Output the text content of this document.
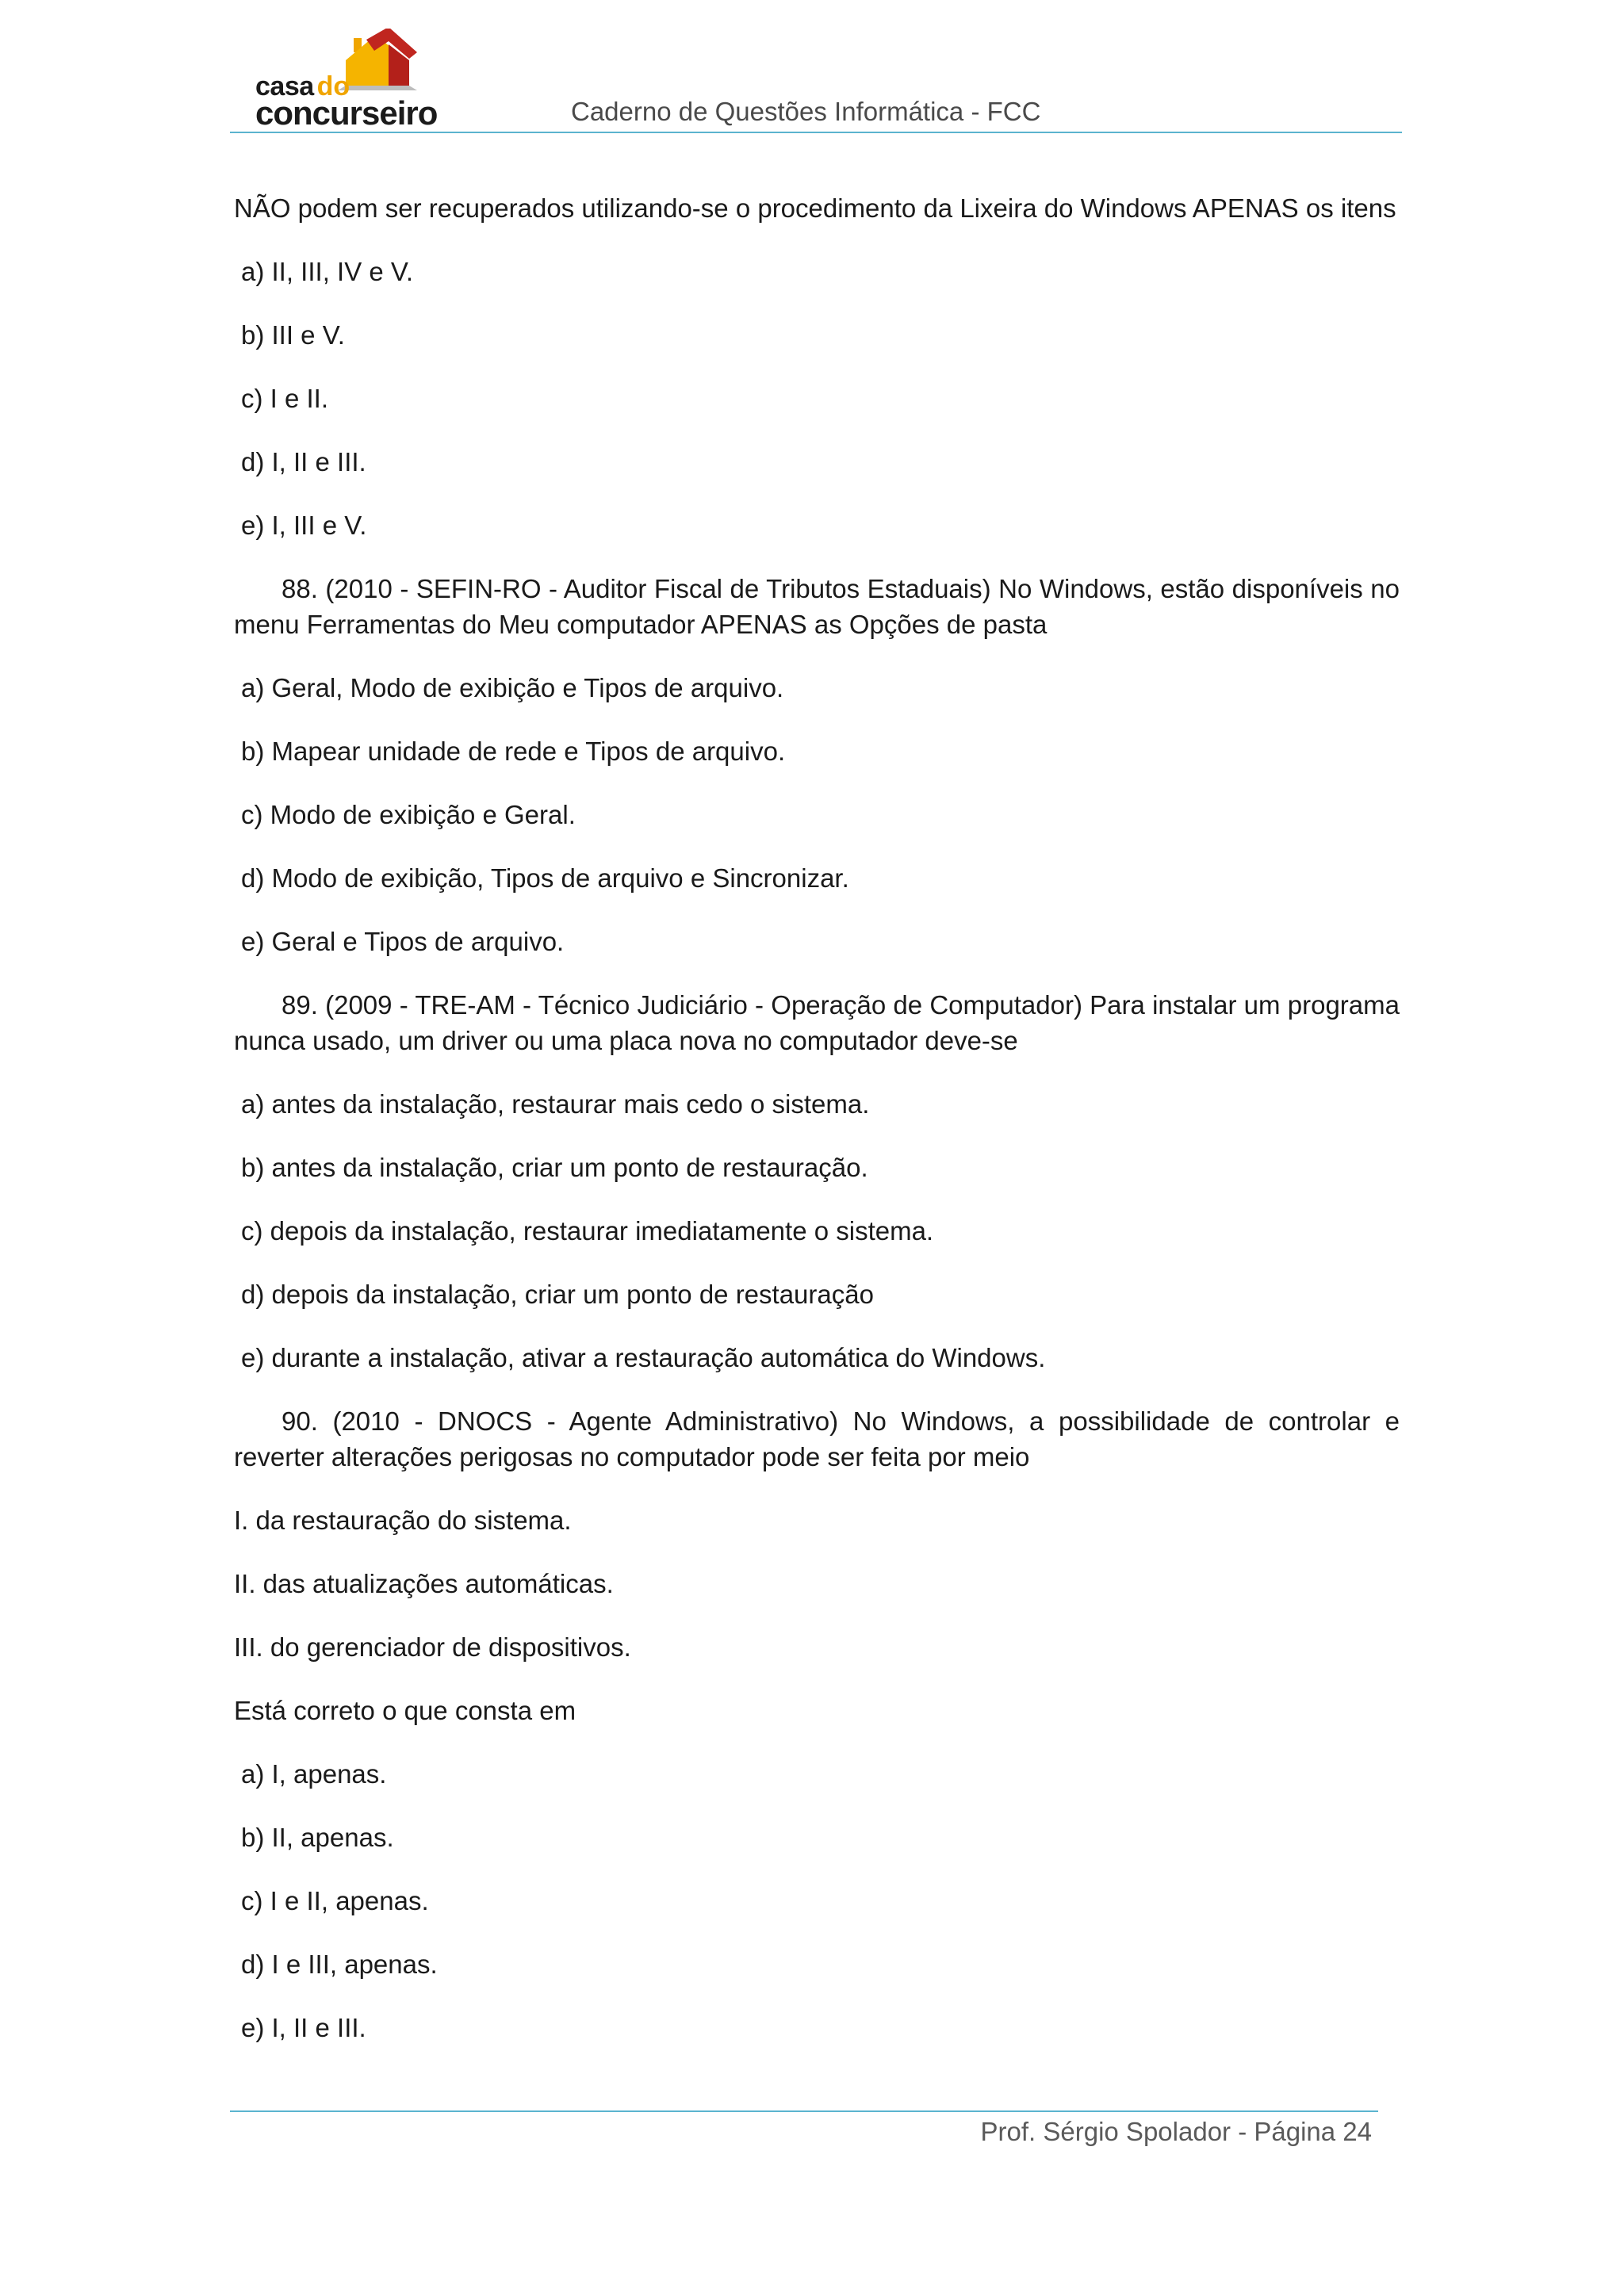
casa do
concurseiro	Caderno de Questões Informática - FCC

NÃO podem ser recuperados utilizando-se o procedimento da Lixeira do Windows APENAS os itens

a) II, III, IV e V.
b) III e V.
c) I e II.
d) I, II e III.
e) I, III e V.

88. (2010 - SEFIN-RO - Auditor Fiscal de Tributos Estaduais) No Windows, estão disponíveis no menu Ferramentas do Meu computador APENAS as Opções de pasta

a) Geral, Modo de exibição e Tipos de arquivo.
b) Mapear unidade de rede e Tipos de arquivo.
c) Modo de exibição e Geral.
d) Modo de exibição, Tipos de arquivo e Sincronizar.
e) Geral e Tipos de arquivo.

89. (2009 - TRE-AM - Técnico Judiciário - Operação de Computador) Para instalar um programa nunca usado, um driver ou uma placa nova no computador deve-se

a) antes da instalação, restaurar mais cedo o sistema.
b) antes da instalação, criar um ponto de restauração.
c) depois da instalação, restaurar imediatamente o sistema.
d) depois da instalação, criar um ponto de restauração
e) durante a instalação, ativar a restauração automática do Windows.

90. (2010 - DNOCS - Agente Administrativo) No Windows, a possibilidade de controlar e reverter alterações perigosas no computador pode ser feita por meio

I. da restauração do sistema.

II. das atualizações automáticas.

III. do gerenciador de dispositivos.

Está correto o que consta em

a) I, apenas.
b) II, apenas.
c) I e II, apenas.
d) I e III, apenas.
e) I, II e III.
Prof. Sérgio Spolador - Página 24
